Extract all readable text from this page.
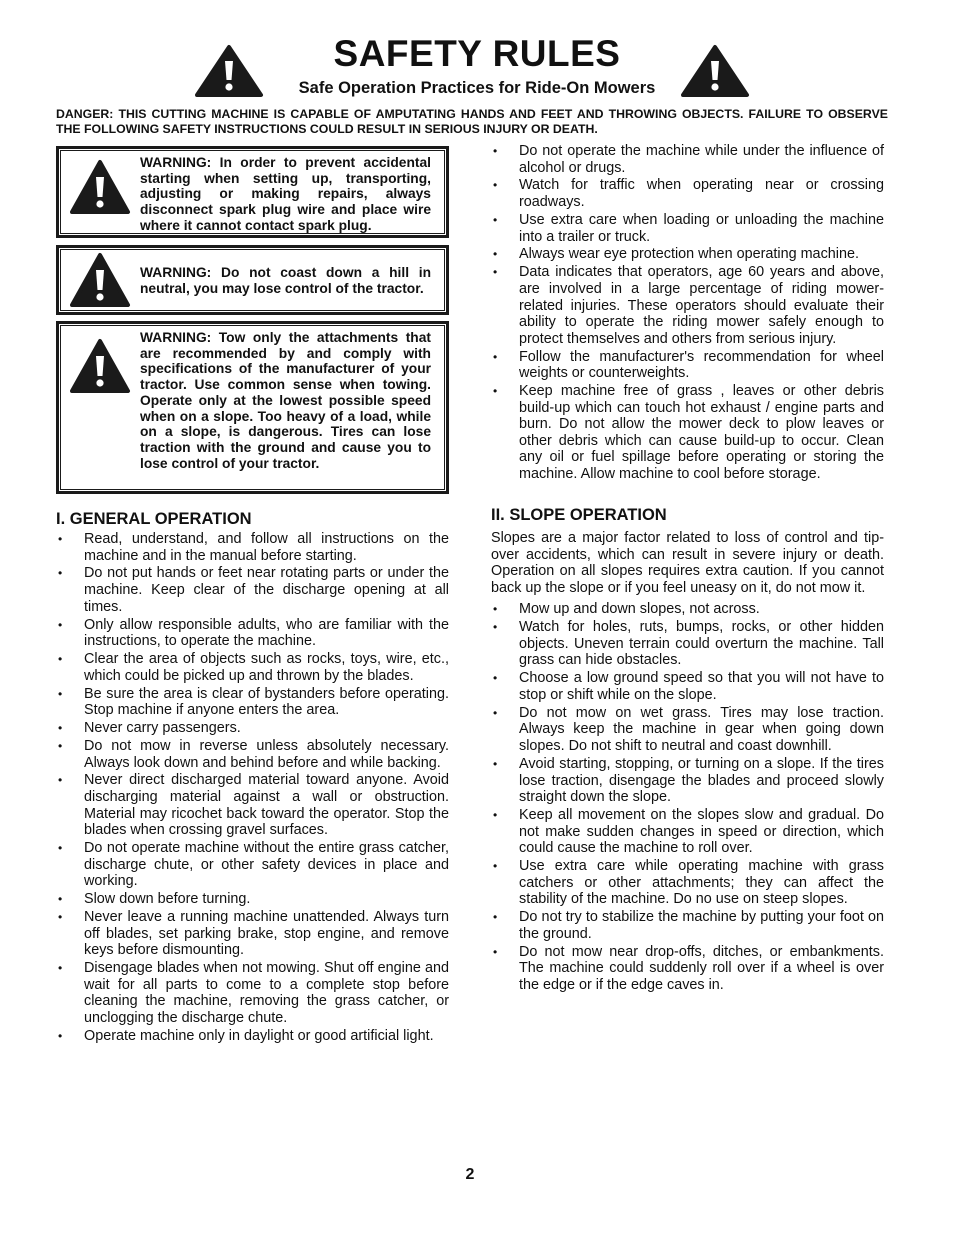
SAFETY RULES
Safe Operation Practices for Ride-On Mowers
DANGER: THIS CUTTING MACHINE IS CAPABLE OF AMPUTATING HANDS AND FEET AND THROWING OBJECTS. FAILURE TO OBSERVE THE FOLLOWING SAFETY INSTRUCTIONS COULD RESULT IN SERIOUS INJURY OR DEATH.
WARNING: In order to prevent accidental starting when setting up, transporting, adjusting or making repairs, always disconnect spark plug wire and place wire where it cannot contact spark plug.
WARNING: Do not coast down a hill in neutral, you may lose control of the tractor.
WARNING: Tow only the attachments that are recommended by and comply with specifications of the manufacturer of your tractor. Use common sense when towing. Operate only at the lowest possible speed when on a slope. Too heavy of a load, while on a slope, is dangerous. Tires can lose traction with the ground and cause you to lose control of your tractor.
I. GENERAL OPERATION
• Read, understand, and follow all instructions on the machine and in the manual before starting.
• Do not put hands or feet near rotating parts or under the machine. Keep clear of the discharge opening at all times.
• Only allow responsible adults, who are familiar with the instructions, to operate the machine.
• Clear the area of objects such as rocks, toys, wire, etc., which could be picked up and thrown by the blades.
• Be sure the area is clear of bystanders before operating. Stop machine if anyone enters the area.
• Never carry passengers.
• Do not mow in reverse unless absolutely necessary. Always look down and behind before and while backing.
• Never direct discharged material toward anyone. Avoid discharging material against a wall or obstruction. Material may ricochet back toward the operator. Stop the blades when crossing gravel surfaces.
• Do not operate machine without the entire grass catcher, discharge chute, or other safety devices in place and working.
• Slow down before turning.
• Never leave a running machine unattended. Always turn off blades, set parking brake, stop engine, and remove keys before dismounting.
• Disengage blades when not mowing. Shut off engine and wait for all parts to come to a complete stop before cleaning the machine, removing the grass catcher, or unclogging the discharge chute.
• Operate machine only in daylight or good artificial light.
• Do not operate the machine while under the influence of alcohol or drugs.
• Watch for traffic when operating near or crossing roadways.
• Use extra care when loading or unloading the machine into a trailer or truck.
• Always wear eye protection when operating machine.
• Data indicates that operators, age 60 years and above, are involved in a large percentage of riding mower-related injuries. These operators should evaluate their ability to operate the riding mower safely enough to protect themselves and others from serious injury.
• Follow the manufacturer's recommendation for wheel weights or counterweights.
• Keep machine free of grass , leaves or other debris build-up which can touch hot exhaust / engine parts and burn. Do not allow the mower deck to plow leaves or other debris which can cause build-up to occur. Clean any oil or fuel spillage before operating or storing the machine. Allow machine to cool before storage.
II. SLOPE OPERATION
Slopes are a major factor related to loss of control and tip-over accidents, which can result in severe injury or death. Operation on all slopes requires extra caution. If you cannot back up the slope or if you feel uneasy on it, do not mow it.
• Mow up and down slopes, not across.
• Watch for holes, ruts, bumps, rocks, or other hidden objects. Uneven terrain could overturn the machine. Tall grass can hide obstacles.
• Choose a low ground speed so that you will not have to stop or shift while on the slope.
• Do not mow on wet grass. Tires may lose traction. Always keep the machine in gear when going down slopes. Do not shift to neutral and coast downhill.
• Avoid starting, stopping, or turning on a slope. If the tires lose traction, disengage the blades and proceed slowly straight down the slope.
• Keep all movement on the slopes slow and gradual. Do not make sudden changes in speed or direction, which could cause the machine to roll over.
• Use extra care while operating machine with grass catchers or other attachments; they can affect the stability of the machine. Do no use on steep slopes.
• Do not try to stabilize the machine by putting your foot on the ground.
• Do not mow near drop-offs, ditches, or embankments. The machine could suddenly roll over if a wheel is over the edge or if the edge caves in.
2
